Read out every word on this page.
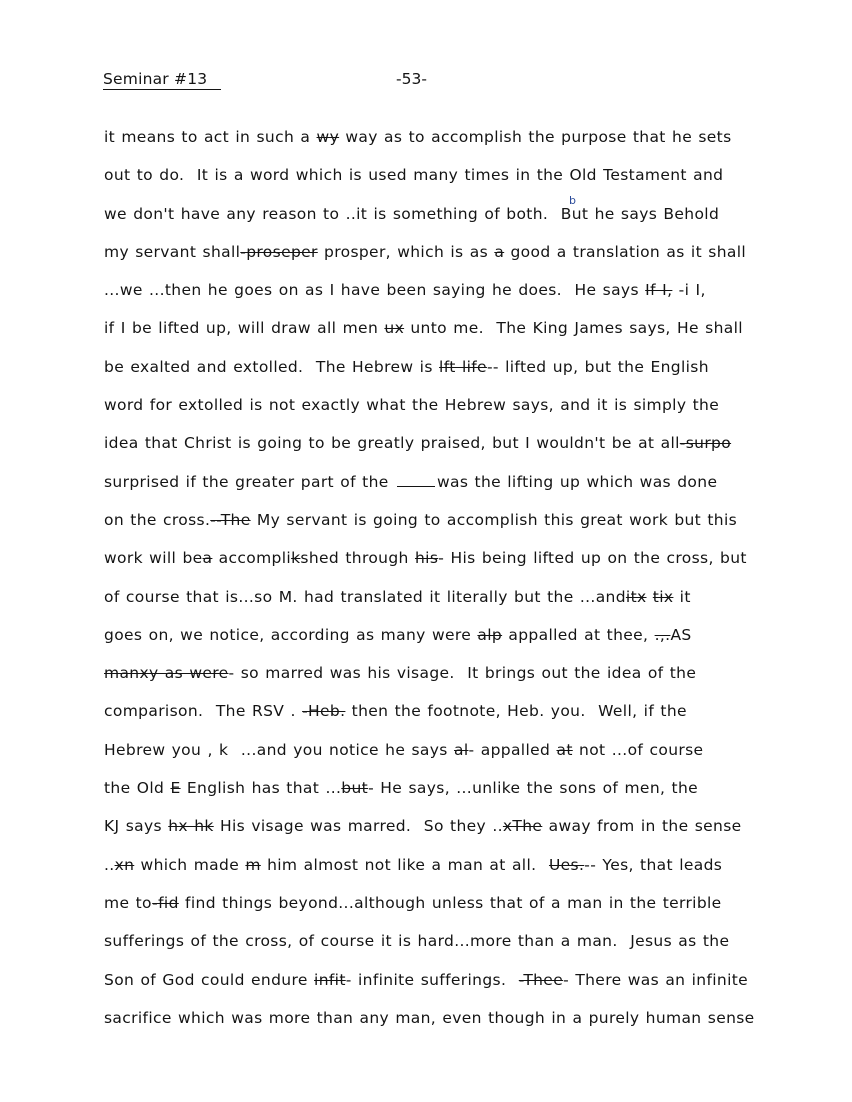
Seminar #13	-53-
b
it means to act in such a wy way as to accomplish the purpose that he sets
out to do.  It is a word which is used many times in the Old Testament and
we don't have any reason to ..it is something of both.  But he says Behold
my servant shall-proseper prosper, which is as a good a translation as it shall
...we ...then he goes on as I have been saying he does.  He says If I, -i I,
if I be lifted up, will draw all men ux unto me.  The King James says, He shall
be exalted and extolled.  The Hebrew is lft life-- lifted up, but the English
word for extolled is not exactly what the Hebrew says, and it is simply the
idea that Christ is going to be greatly praised, but I wouldn't be at all-surpo
surprised if the greater part of the	was the lifting up which was done
on the cross.--The My servant is going to accomplish this great work but this
work will bea accomplikshed through his- His being lifted up on the cross, but
of course that is...so M. had translated it literally but the ...anditx tix it
goes on, we notice, according as many were alp appalled at thee, .,.AS
manxy as were- so marred was his visage.  It brings out the idea of the
comparison.  The RSV . -Heb. then the footnote, Heb. you.  Well, if the
Hebrew you , k  ...and you notice he says al- appalled at not ...of course
the Old E English has that ...but- He says, ...unlike the sons of men, the
KJ says hx hk His visage was marred.  So they ..xThe away from in the sense
..xn which made m him almost not like a man at all.  Ues.-- Yes, that leads
me to-fid find things beyond...although unless that of a man in the terrible
sufferings of the cross, of course it is hard...more than a man.  Jesus as the
Son of God could endure infit- infinite sufferings.  -Thee- There was an infinite
sacrifice which was more than any man, even though in a purely human sense
